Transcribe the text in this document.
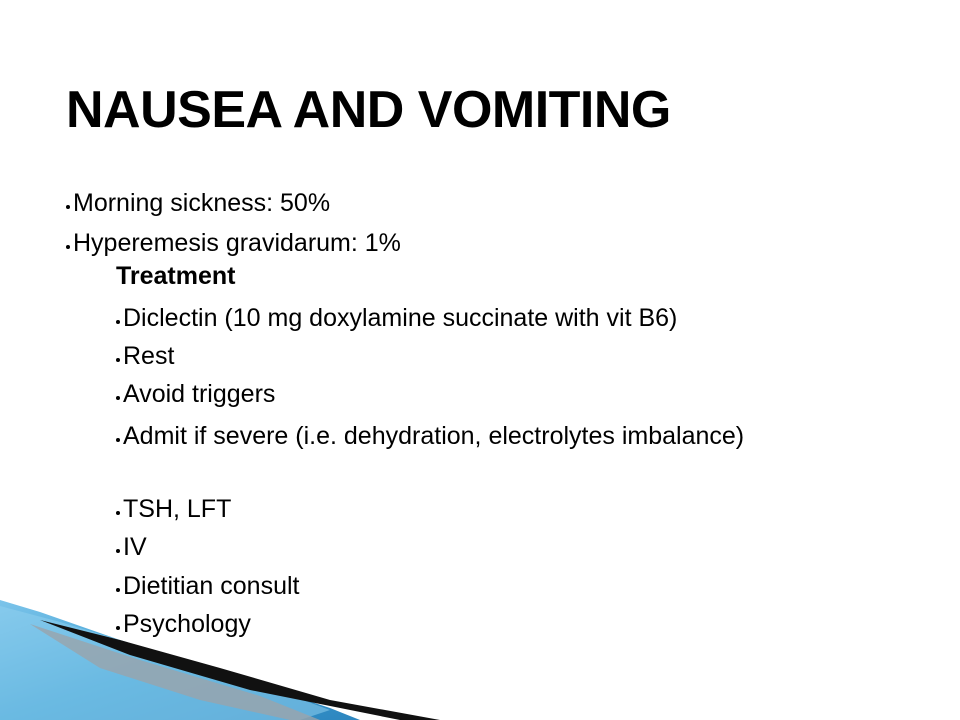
NAUSEA AND VOMITING
Morning sickness: 50%
Hyperemesis gravidarum: 1%
Treatment
Diclectin (10 mg doxylamine succinate with vit B6)
Rest
Avoid triggers
Admit if severe (i.e. dehydration, electrolytes imbalance)
TSH, LFT
IV
Dietitian consult
Psychology
